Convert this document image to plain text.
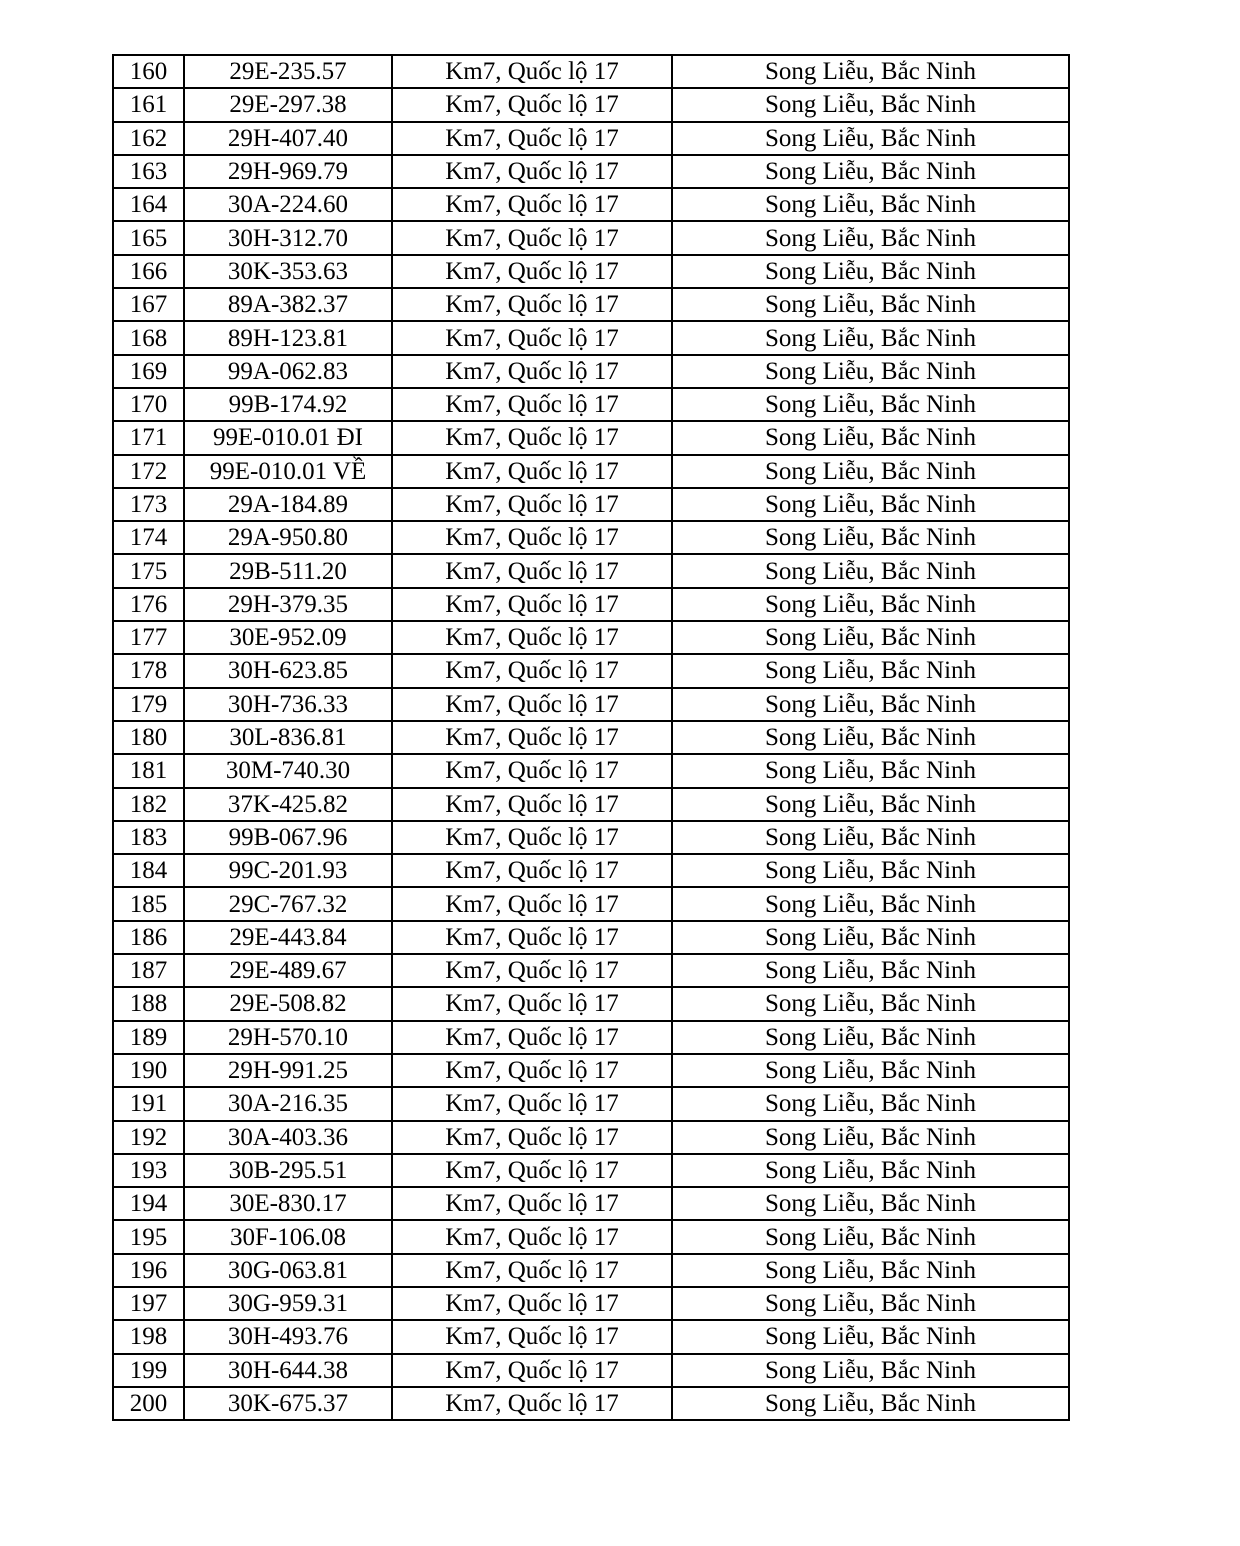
160	29E-235.57	Km7, Quốc lộ 17	Song Liễu, Bắc Ninh
161	29E-297.38	Km7, Quốc lộ 17	Song Liễu, Bắc Ninh
162	29H-407.40	Km7, Quốc lộ 17	Song Liễu, Bắc Ninh
163	29H-969.79	Km7, Quốc lộ 17	Song Liễu, Bắc Ninh
164	30A-224.60	Km7, Quốc lộ 17	Song Liễu, Bắc Ninh
165	30H-312.70	Km7, Quốc lộ 17	Song Liễu, Bắc Ninh
166	30K-353.63	Km7, Quốc lộ 17	Song Liễu, Bắc Ninh
167	89A-382.37	Km7, Quốc lộ 17	Song Liễu, Bắc Ninh
168	89H-123.81	Km7, Quốc lộ 17	Song Liễu, Bắc Ninh
169	99A-062.83	Km7, Quốc lộ 17	Song Liễu, Bắc Ninh
170	99B-174.92	Km7, Quốc lộ 17	Song Liễu, Bắc Ninh
171	99E-010.01 ĐI	Km7, Quốc lộ 17	Song Liễu, Bắc Ninh
172	99E-010.01 VỀ	Km7, Quốc lộ 17	Song Liễu, Bắc Ninh
173	29A-184.89	Km7, Quốc lộ 17	Song Liễu, Bắc Ninh
174	29A-950.80	Km7, Quốc lộ 17	Song Liễu, Bắc Ninh
175	29B-511.20	Km7, Quốc lộ 17	Song Liễu, Bắc Ninh
176	29H-379.35	Km7, Quốc lộ 17	Song Liễu, Bắc Ninh
177	30E-952.09	Km7, Quốc lộ 17	Song Liễu, Bắc Ninh
178	30H-623.85	Km7, Quốc lộ 17	Song Liễu, Bắc Ninh
179	30H-736.33	Km7, Quốc lộ 17	Song Liễu, Bắc Ninh
180	30L-836.81	Km7, Quốc lộ 17	Song Liễu, Bắc Ninh
181	30M-740.30	Km7, Quốc lộ 17	Song Liễu, Bắc Ninh
182	37K-425.82	Km7, Quốc lộ 17	Song Liễu, Bắc Ninh
183	99B-067.96	Km7, Quốc lộ 17	Song Liễu, Bắc Ninh
184	99C-201.93	Km7, Quốc lộ 17	Song Liễu, Bắc Ninh
185	29C-767.32	Km7, Quốc lộ 17	Song Liễu, Bắc Ninh
186	29E-443.84	Km7, Quốc lộ 17	Song Liễu, Bắc Ninh
187	29E-489.67	Km7, Quốc lộ 17	Song Liễu, Bắc Ninh
188	29E-508.82	Km7, Quốc lộ 17	Song Liễu, Bắc Ninh
189	29H-570.10	Km7, Quốc lộ 17	Song Liễu, Bắc Ninh
190	29H-991.25	Km7, Quốc lộ 17	Song Liễu, Bắc Ninh
191	30A-216.35	Km7, Quốc lộ 17	Song Liễu, Bắc Ninh
192	30A-403.36	Km7, Quốc lộ 17	Song Liễu, Bắc Ninh
193	30B-295.51	Km7, Quốc lộ 17	Song Liễu, Bắc Ninh
194	30E-830.17	Km7, Quốc lộ 17	Song Liễu, Bắc Ninh
195	30F-106.08	Km7, Quốc lộ 17	Song Liễu, Bắc Ninh
196	30G-063.81	Km7, Quốc lộ 17	Song Liễu, Bắc Ninh
197	30G-959.31	Km7, Quốc lộ 17	Song Liễu, Bắc Ninh
198	30H-493.76	Km7, Quốc lộ 17	Song Liễu, Bắc Ninh
199	30H-644.38	Km7, Quốc lộ 17	Song Liễu, Bắc Ninh
200	30K-675.37	Km7, Quốc lộ 17	Song Liễu, Bắc Ninh
